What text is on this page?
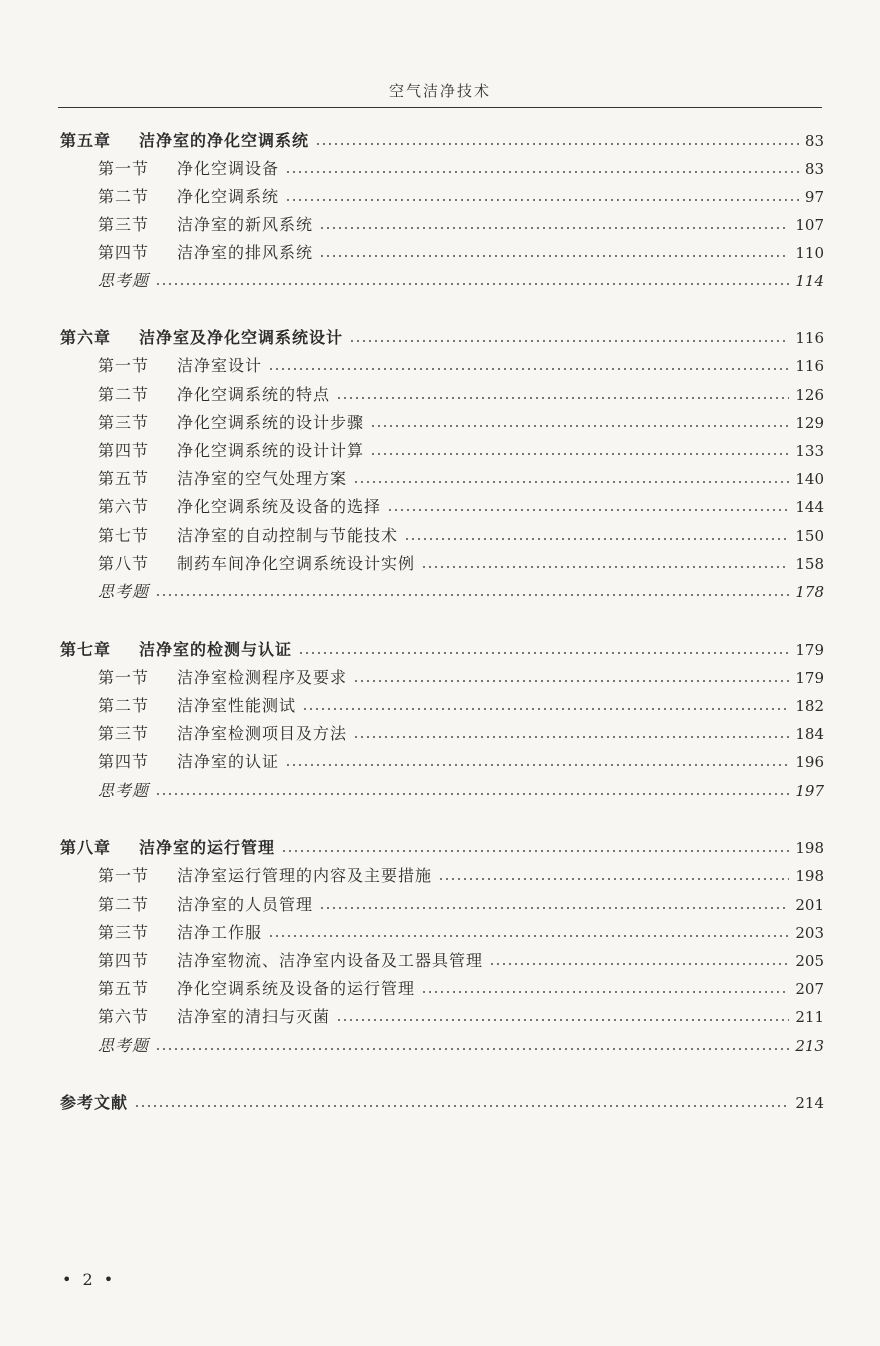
空气洁净技术
第五章 洁净室的净化空调系统	83
第一节 净化空调设备	83
第二节 净化空调系统	97
第三节 洁净室的新风系统	107
第四节 洁净室的排风系统	110
思考题	114
第六章 洁净室及净化空调系统设计	116
第一节 洁净室设计	116
第二节 净化空调系统的特点	126
第三节 净化空调系统的设计步骤	129
第四节 净化空调系统的设计计算	133
第五节 洁净室的空气处理方案	140
第六节 净化空调系统及设备的选择	144
第七节 洁净室的自动控制与节能技术	150
第八节 制药车间净化空调系统设计实例	158
思考题	178
第七章 洁净室的检测与认证	179
第一节 洁净室检测程序及要求	179
第二节 洁净室性能测试	182
第三节 洁净室检测项目及方法	184
第四节 洁净室的认证	196
思考题	197
第八章 洁净室的运行管理	198
第一节 洁净室运行管理的内容及主要措施	198
第二节 洁净室的人员管理	201
第三节 洁净工作服	203
第四节 洁净室物流、洁净室内设备及工器具管理	205
第五节 净化空调系统及设备的运行管理	207
第六节 洁净室的清扫与灭菌	211
思考题	213
参考文献	214
• 2 •
